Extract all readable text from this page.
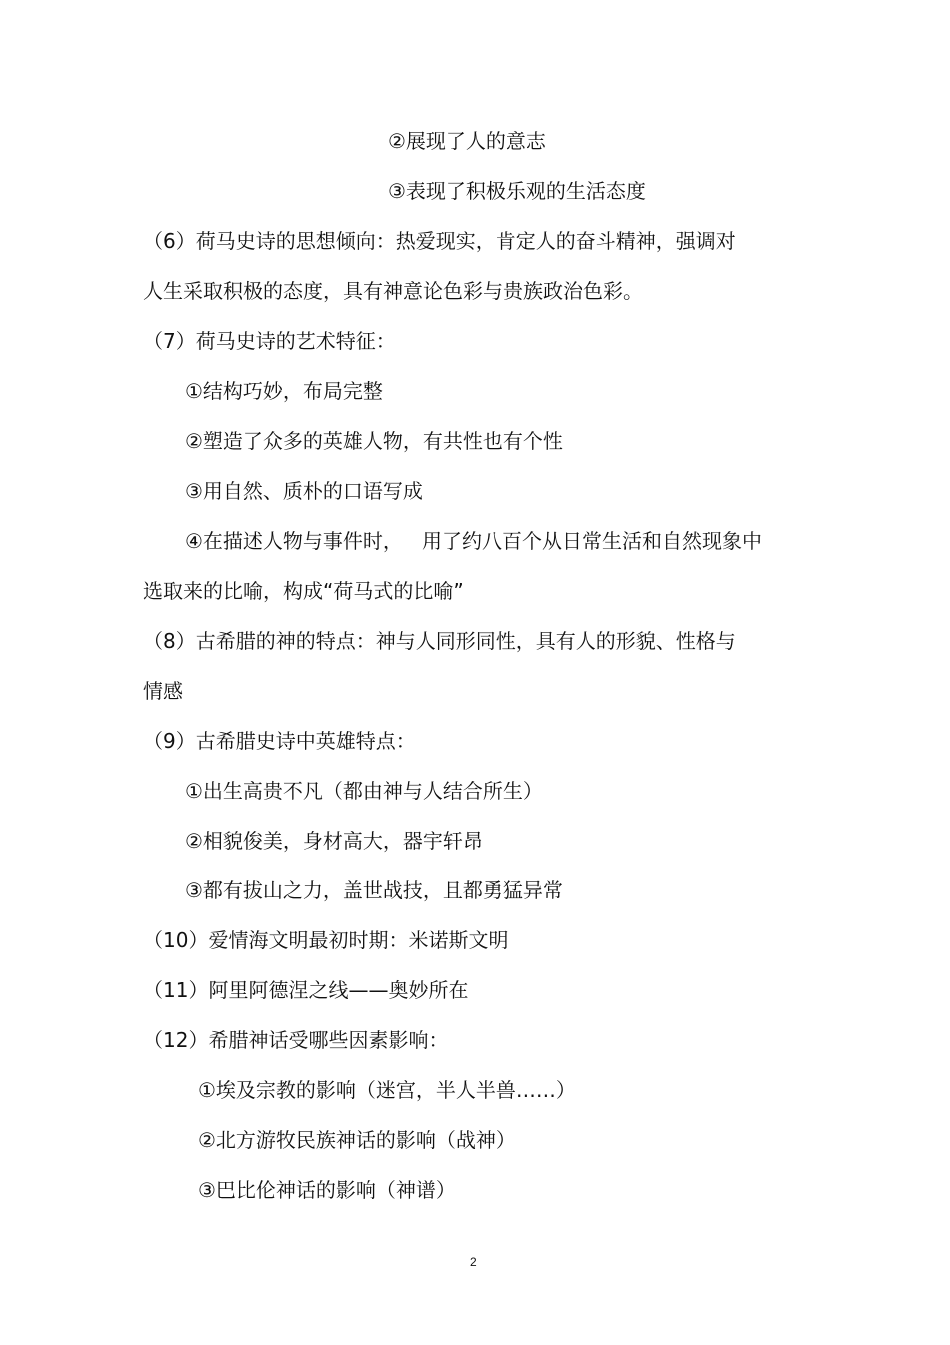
②展现了人的意志
③表现了积极乐观的生活态度
（6）荷马史诗的思想倾向：热爱现实，肯定人的奋斗精神，强调对
人生采取积极的态度，具有神意论色彩与贵族政治色彩。
（7）荷马史诗的艺术特征：
①结构巧妙，布局完整
②塑造了众多的英雄人物，有共性也有个性
③用自然、质朴的口语写成
④在描述人物与事件时，   用了约八百个从日常生活和自然现象中
选取来的比喻，构成“荷马式的比喻”
（8）古希腊的神的特点：神与人同形同性，具有人的形貌、性格与
情感
（9）古希腊史诗中英雄特点：
①出生高贵不凡（都由神与人结合所生）
②相貌俊美，身材高大，器宇轩昂
③都有拔山之力，盖世战技，且都勇猛异常
（10）爱情海文明最初时期：米诺斯文明
（11）阿里阿德涅之线——奥妙所在
（12）希腊神话受哪些因素影响：
①埃及宗教的影响（迷宫，半人半兽……）
②北方游牧民族神话的影响（战神）
③巴比伦神话的影响（神谱）
2
